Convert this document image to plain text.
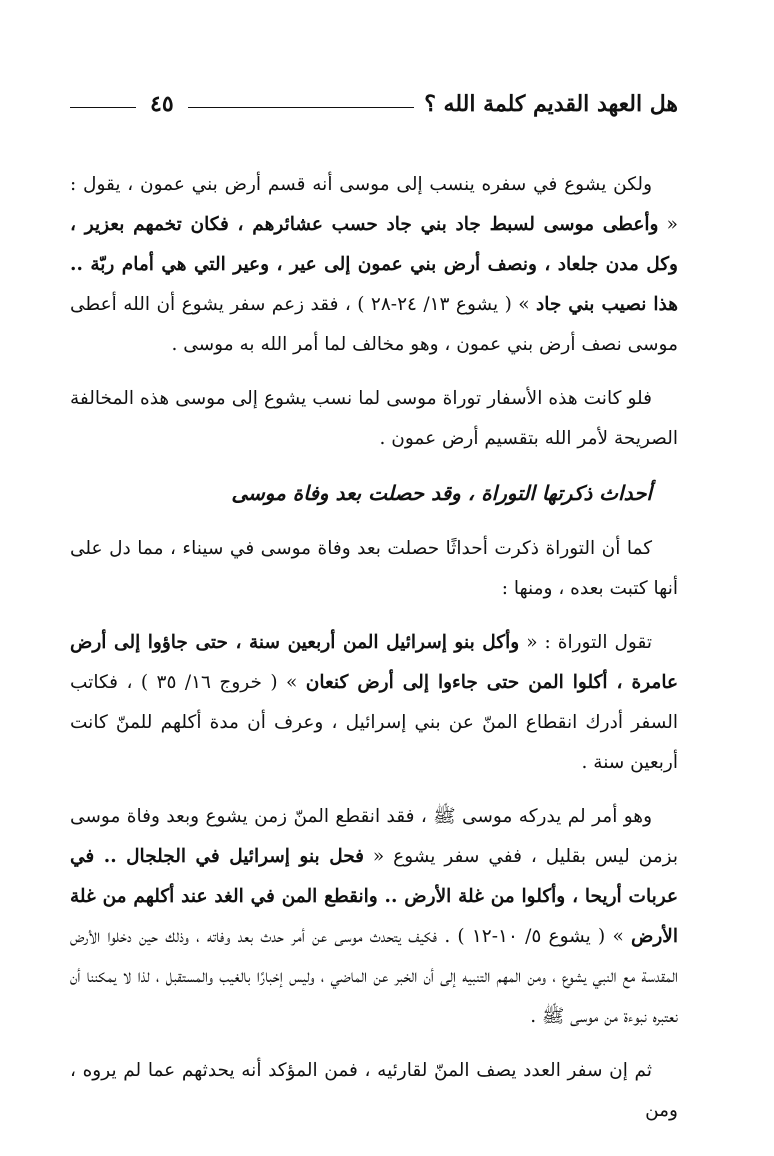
هل العهد القديم كلمة الله ؟
٤٥

ولكن يشوع في سفره ينسب إلى موسى أنه قسم أرض بني عمون ، يقول : « وأعطى موسى لسبط جاد بني جاد حسب عشائرهم ، فكان تخمهم بعزير ، وكل مدن جلعاد ، ونصف أرض بني عمون إلى عير ، وعير التي هي أمام ربّة .. هذا نصيب بني جاد » ( يشوع ١٣/ ٢٤-٢٨ ) ، فقد زعم سفر يشوع أن الله أعطى موسى نصف أرض بني عمون ، وهو مخالف لما أمر الله به موسى .

فلو كانت هذه الأسفار توراة موسى لما نسب يشوع إلى موسى هذه المخالفة الصريحة لأمر الله بتقسيم أرض عمون .

أحداث ذكرتها التوراة ، وقد حصلت بعد وفاة موسى

كما أن التوراة ذكرت أحداثًا حصلت بعد وفاة موسى في سيناء ، مما دل على أنها كتبت بعده ، ومنها :

تقول التوراة : « وأكل بنو إسرائيل المن أربعين سنة ، حتى جاؤوا إلى أرض عامرة ، أكلوا المن حتى جاءوا إلى أرض كنعان » ( خروج ١٦/ ٣٥ ) ، فكاتب السفر أدرك انقطاع المنّ عن بني إسرائيل ، وعرف أن مدة أكلهم للمنّ كانت أربعين سنة .

وهو أمر لم يدركه موسى ﷺ ، فقد انقطع المنّ زمن يشوع وبعد وفاة موسى بزمن ليس بقليل ، ففي سفر يشوع « فحل بنو إسرائيل في الجلجال .. في عربات أريحا ، وأكلوا من غلة الأرض .. وانقطع المن في الغد عند أكلهم من غلة الأرض » ( يشوع ٥/ ١٠-١٢ ) . فكيف يتحدث موسى عن أمر حدث بعد وفاته ، وذلك حين دخلوا الأرض المقدسة مع النبي يشوع ، ومن المهم التنبيه إلى أن الخبر عن الماضي ، وليس إخبارًا بالغيب والمستقبل ، لذا لا يمكننا أن نعتبره نبوءة من موسى ﷺ .

ثم إن سفر العدد يصف المنّ لقارئيه ، فمن المؤكد أنه يحدثهم عما لم يروه ، ومن
